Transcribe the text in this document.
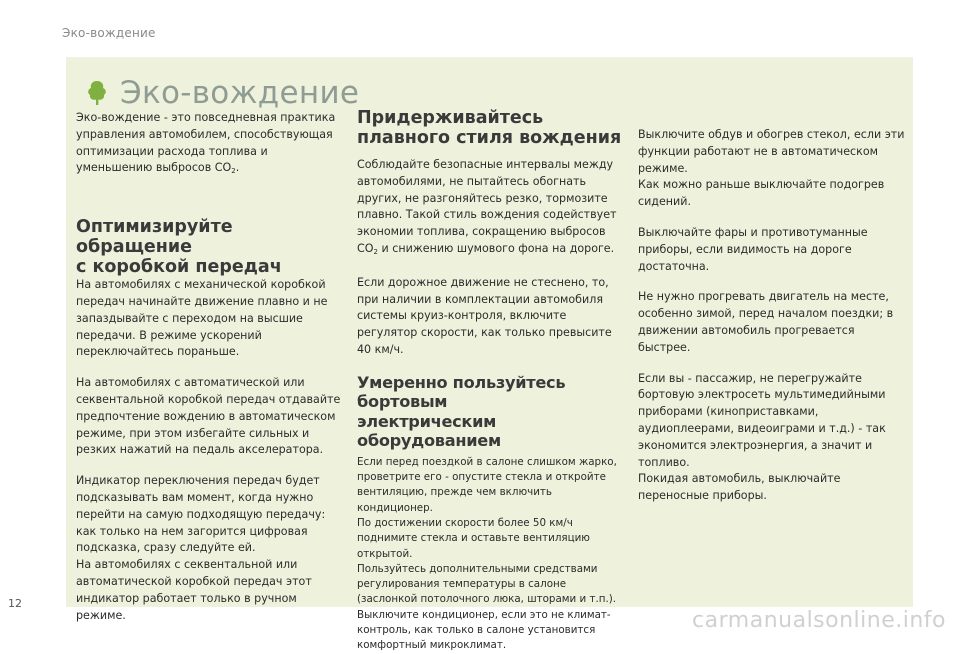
Эко-вождение
Эко-вождение

Эко-вождение - это повседневная практика управления автомобилем, способствующая оптимизации расхода топлива и уменьшению выбросов $СО_2$.

Оптимизируйте обращение
с коробкой передач

На автомобилях с механической коробкой передач начинайте движение плавно и не запаздывайте с переходом на высшие передачи. В режиме ускорений переключайтесь пораньше.

На автомобилях с автоматической или секвентальной коробкой передач отдавайте предпочтение вождению в автоматическом режиме, при этом избегайте сильных и резких нажатий на педаль акселератора.

Индикатор переключения передач будет подсказывать вам момент, когда нужно перейти на самую подходящую передачу: как только на нем загорится цифровая подсказка, сразу следуйте ей.

На автомобилях с секвентальной или автоматической коробкой передач этот индикатор работает только в ручном режиме.

Придерживайтесь
плавного стиля вождения

Соблюдайте безопасные интервалы между автомобилями, не пытайтесь обогнать других, не разгоняйтесь резко, тормозите плавно. Такой стиль вождения содействует экономии топлива, сокращению выбросов $СО_2$ и снижению шумового фона на дороге.

Если дорожное движение не стеснено, то, при наличии в комплектации автомобиля системы круиз-контроля, включите регулятор скорости, как только превысите 40 км/ч.

Умеренно пользуйтесь бортовым
электрическим оборудованием

Если перед поездкой в салоне слишком жарко, проветрите его - опустите стекла и откройте вентиляцию, прежде чем включить кондиционер.

По достижении скорости более 50 км/ч поднимите стекла и оставьте вентиляцию открытой.

Пользуйтесь дополнительными средствами регулирования температуры в салоне (заслонкой потолочного люка, шторами и т.п.).

Выключите кондиционер, если это не климат-контроль, как только в салоне установится комфортный микроклимат.

Выключите обдув и обогрев стекол, если эти функции работают не в автоматическом режиме.

Как можно раньше выключайте подогрев сидений.

Выключайте фары и противотуманные приборы, если видимость на дороге достаточна.

Не нужно прогревать двигатель на месте, особенно зимой, перед началом поездки; в движении автомобиль прогревается быстрее.

Если вы - пассажир, не перегружайте бортовую электросеть мультимедийными приборами (киноприставками, аудиоплеерами, видеоиграми и т.д.) - так экономится электроэнергия, а значит и топливо.

Покидая автомобиль, выключайте переносные приборы.

12
carmanualsonline.info
